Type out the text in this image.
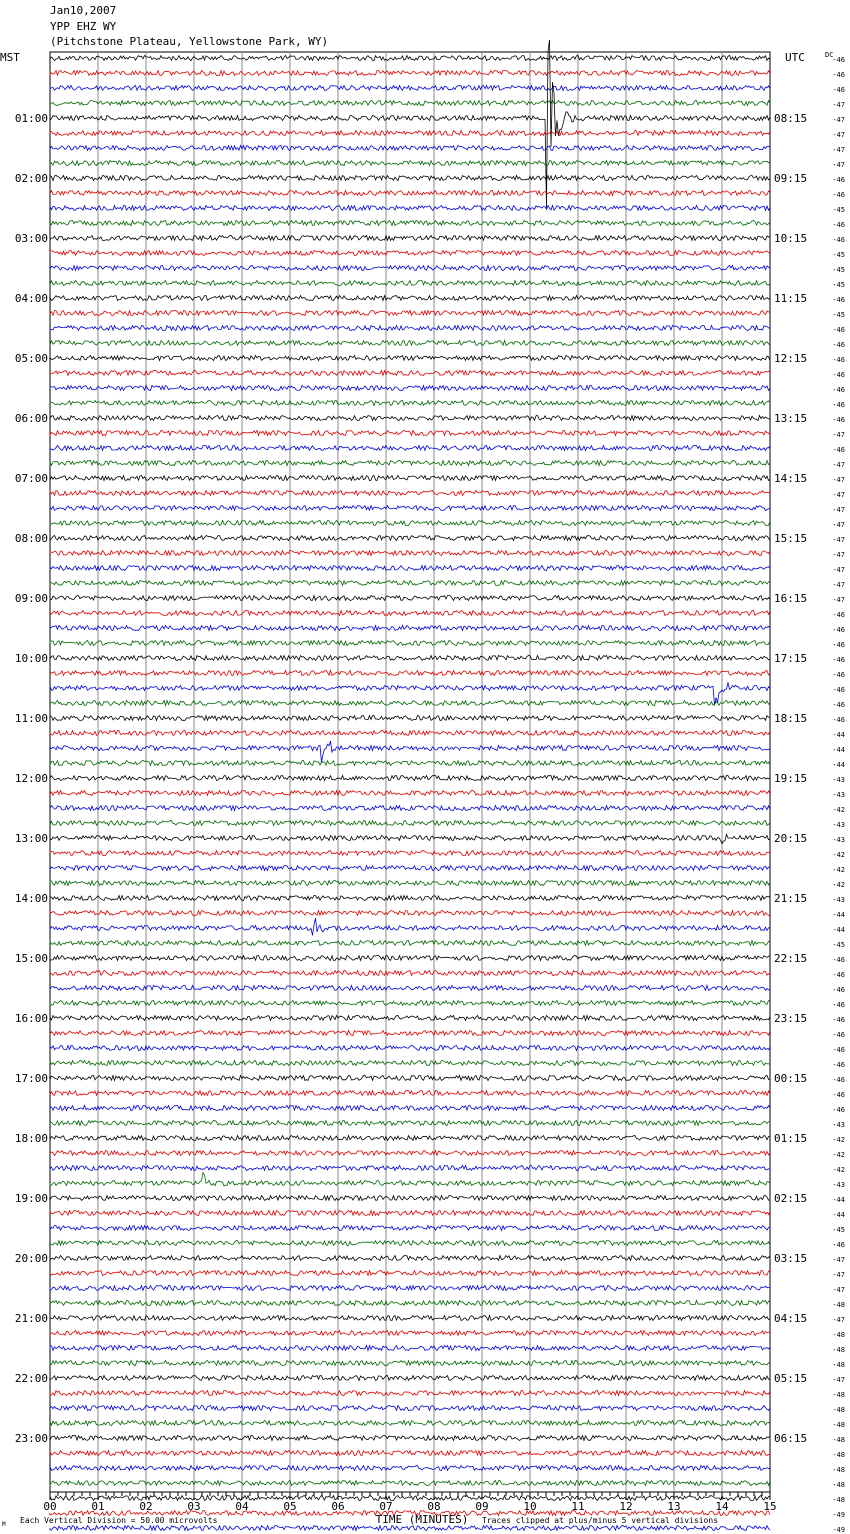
Jan10,2007
YPP EHZ WY
(Pitchstone Plateau, Yellowstone Park, WY)
-46
-46
-46
-47
-47
-47
-47
-47
-46
-46
-45
-46
-46
-45
-45
-45
-46
-45
-46
-46
-46
-46
-46
-46
-46
-47
-46
-47
-47
-47
-47
-47
-47
-47
-47
-47
-47
-46
-46
-46
-46
-46
-46
-46
-46
-44
-44
-44
-43
-43
-42
-43
-43
-42
-42
-42
-43
-44
-44
-45
-46
-46
-46
-46
-46
-46
-46
-46
-46
-46
-46
-43
-42
-42
-42
-43
-44
-44
-45
-46
-47
-47
-47
-48
-47
-48
-48
-48
-47
-48
-48
-48
-48
-48
-48
-48
-48
-49
-49
01:00	08:15
02:00	09:15
03:00	10:15
04:00	11:15
05:00	12:15
06:00	13:15
07:00	14:15
08:00	15:15
09:00	16:15
10:00	17:15
11:00	18:15
12:00	19:15
13:00	20:15
14:00	21:15
15:00	22:15
16:00	23:15
17:00	00:15
18:00	01:15
19:00	02:15
20:00	03:15
21:00	04:15
22:00	05:15
23:00	06:15
MST	UTC	DC
00	01	02	03	04	05	06	07	08	09	10	11	12	13	14	15
TIME (MINUTES)
Each Vertical Division = 50.00 microvolts	Traces clipped at plus/minus 5 vertical divisions
M
